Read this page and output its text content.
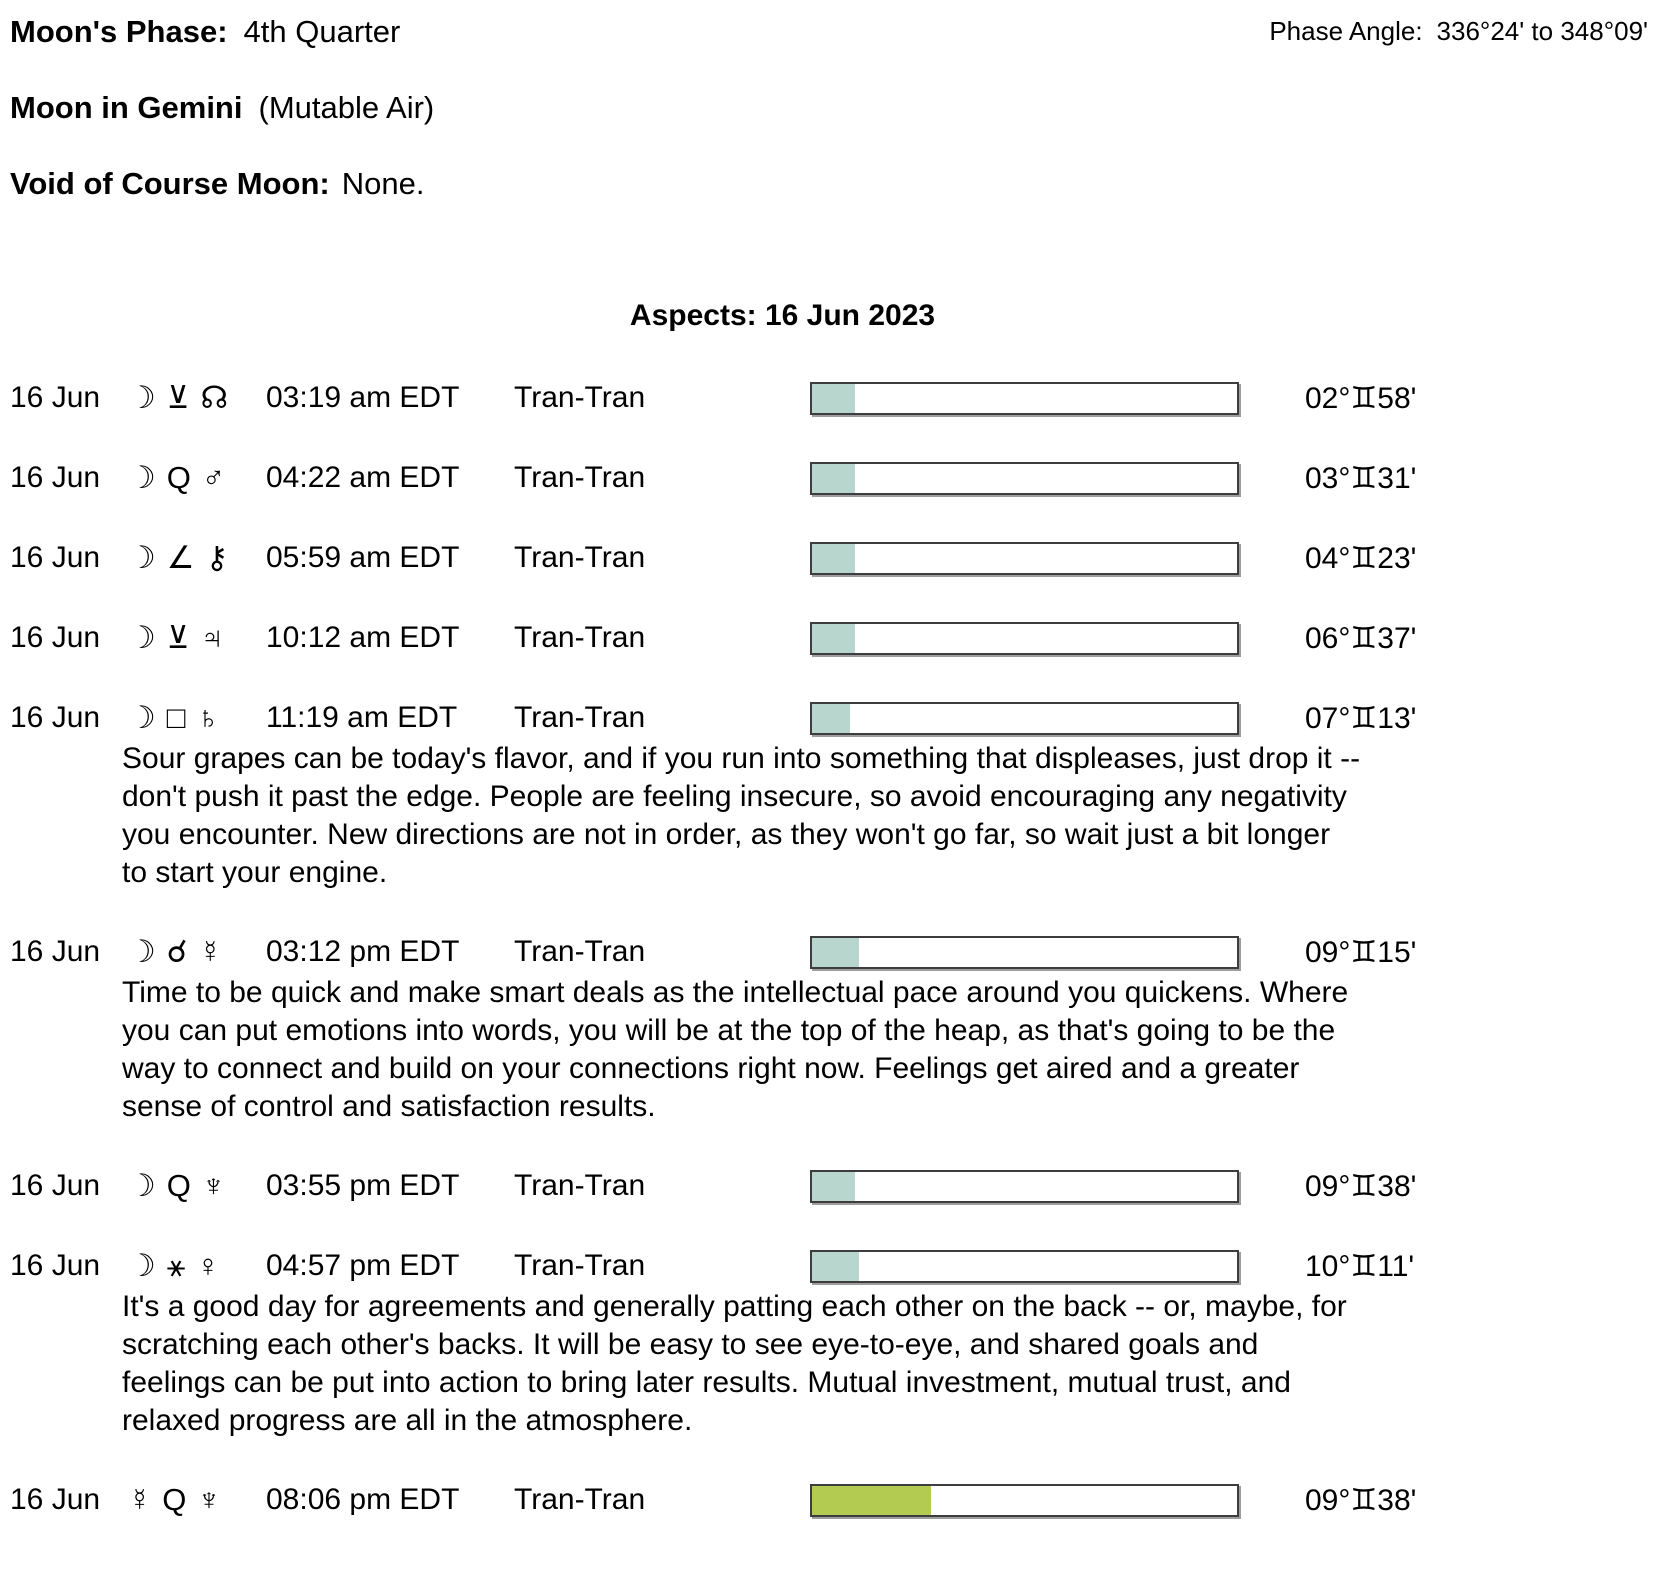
Phase Angle: 336°24' to 348°09'
Moon's Phase: 4th Quarter
Moon in Gemini (Mutable Air)
Void of Course Moon: None.
Aspects: 16 Jun 2023
16 Jun ☽ ⊻ ☊ 03:19 am EDT	Tran-Tran	02°♊58'
16 Jun ☽ Q ♂ 04:22 am EDT	Tran-Tran	03°♊31'
16 Jun ☽ ∠ ⚷ 05:59 am EDT	Tran-Tran	04°♊23'
16 Jun ☽ ⊻ ♃ 10:12 am EDT	Tran-Tran	06°♊37'
16 Jun ☽ □ ♄ 11:19 am EDT	Tran-Tran	07°♊13'
Sour grapes can be today's flavor, and if you run into something that displeases, just drop it --
don't push it past the edge. People are feeling insecure, so avoid encouraging any negativity
you encounter. New directions are not in order, as they won't go far, so wait just a bit longer
to start your engine.
16 Jun ☽ ☌ ☿ 03:12 pm EDT	Tran-Tran	09°♊15'
Time to be quick and make smart deals as the intellectual pace around you quickens. Where
you can put emotions into words, you will be at the top of the heap, as that's going to be the
way to connect and build on your connections right now. Feelings get aired and a greater
sense of control and satisfaction results.
16 Jun ☽ Q ♆ 03:55 pm EDT	Tran-Tran	09°♊38'
16 Jun ☽ ⚹ ♀ 04:57 pm EDT	Tran-Tran	10°♊11'
It's a good day for agreements and generally patting each other on the back -- or, maybe, for
scratching each other's backs. It will be easy to see eye-to-eye, and shared goals and
feelings can be put into action to bring later results. Mutual investment, mutual trust, and
relaxed progress are all in the atmosphere.
16 Jun ☿ Q ♆ 08:06 pm EDT	Tran-Tran	09°♊38'
